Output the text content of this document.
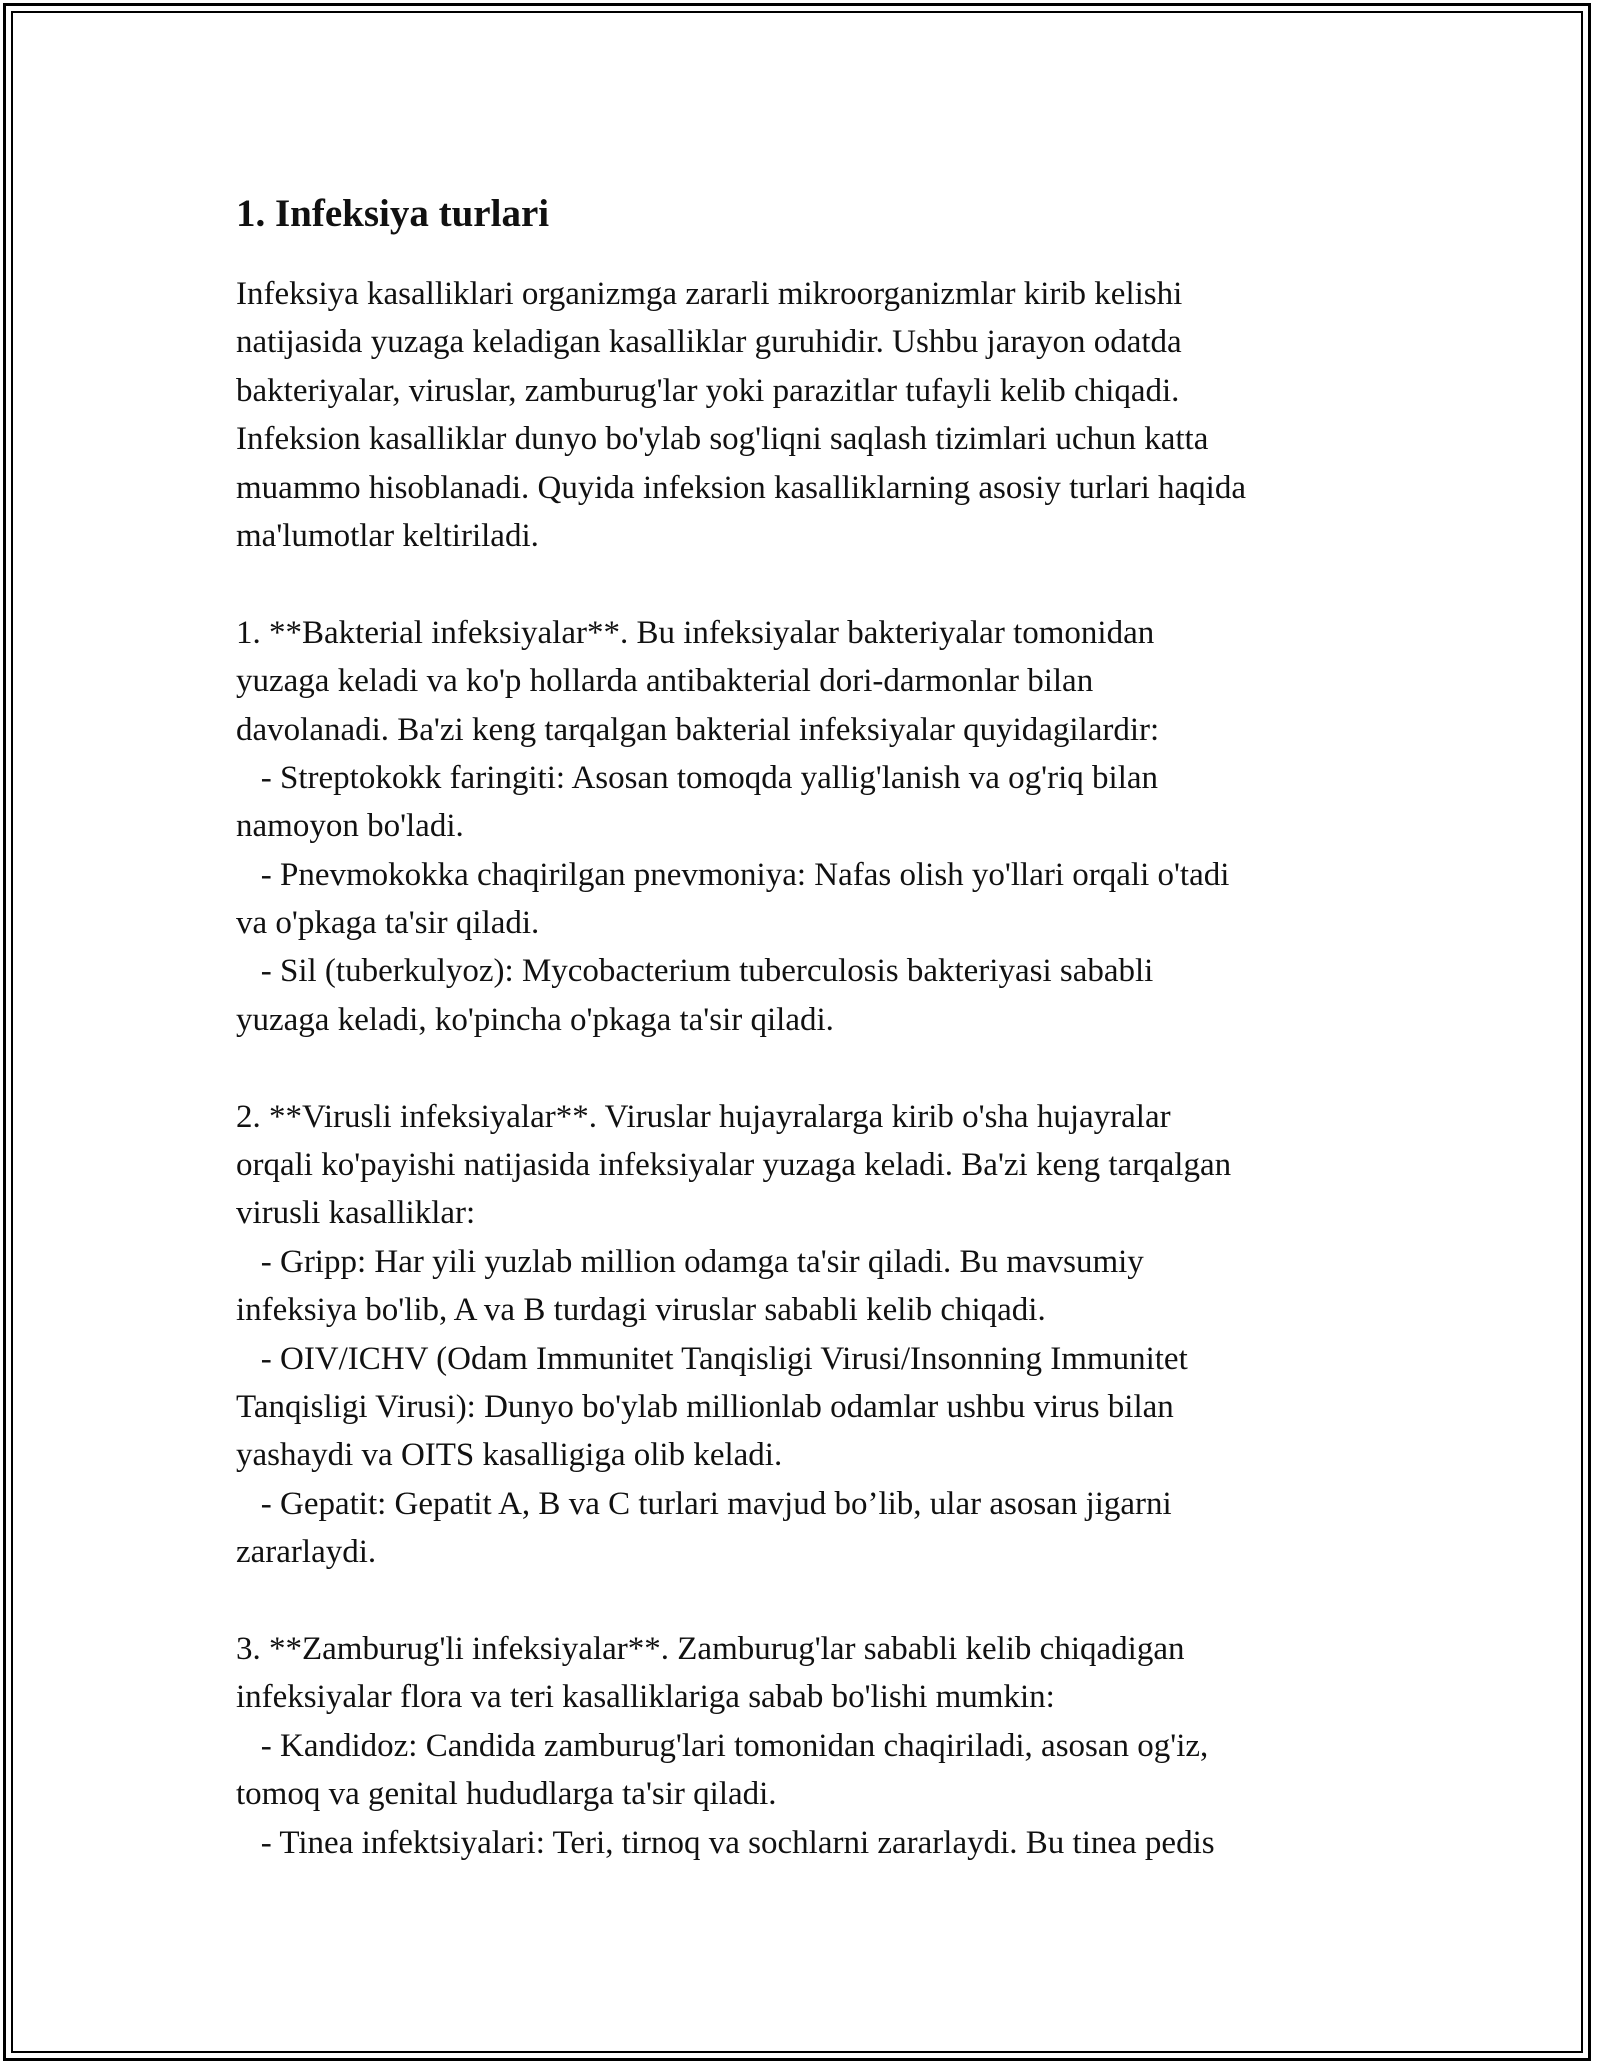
1. Infeksiya turlari
Infeksiya kasalliklari organizmga zararli mikroorganizmlar kirib kelishi
natijasida yuzaga keladigan kasalliklar guruhidir. Ushbu jarayon odatda
bakteriyalar, viruslar, zamburug'lar yoki parazitlar tufayli kelib chiqadi.
Infeksion kasalliklar dunyo bo'ylab sog'liqni saqlash tizimlari uchun katta
muammo hisoblanadi. Quyida infeksion kasalliklarning asosiy turlari haqida
ma'lumotlar keltiriladi.
1. **Bakterial infeksiyalar**. Bu infeksiyalar bakteriyalar tomonidan
yuzaga keladi va ko'p hollarda antibakterial dori-darmonlar bilan
davolanadi. Ba'zi keng tarqalgan bakterial infeksiyalar quyidagilardir:
- Streptokokk faringiti: Asosan tomoqda yallig'lanish va og'riq bilan
namoyon bo'ladi.
- Pnevmokokka chaqirilgan pnevmoniya: Nafas olish yo'llari orqali o'tadi
va o'pkaga ta'sir qiladi.
- Sil (tuberkulyoz): Mycobacterium tuberculosis bakteriyasi sababli
yuzaga keladi, ko'pincha o'pkaga ta'sir qiladi.
2. **Virusli infeksiyalar**. Viruslar hujayralarga kirib o'sha hujayralar
orqali ko'payishi natijasida infeksiyalar yuzaga keladi. Ba'zi keng tarqalgan
virusli kasalliklar:
- Gripp: Har yili yuzlab million odamga ta'sir qiladi. Bu mavsumiy
infeksiya bo'lib, A va B turdagi viruslar sababli kelib chiqadi.
- OIV/ICHV (Odam Immunitet Tanqisligi Virusi/Insonning Immunitet
Tanqisligi Virusi): Dunyo bo'ylab millionlab odamlar ushbu virus bilan
yashaydi va OITS kasalligiga olib keladi.
- Gepatit: Gepatit A, B va C turlari mavjud bo’lib, ular asosan jigarni
zararlaydi.
3. **Zamburug'li infeksiyalar**. Zamburug'lar sababli kelib chiqadigan
infeksiyalar flora va teri kasalliklariga sabab bo'lishi mumkin:
- Kandidoz: Candida zamburug'lari tomonidan chaqiriladi, asosan og'iz,
tomoq va genital hududlarga ta'sir qiladi.
- Tinea infektsiyalari: Teri, tirnoq va sochlarni zararlaydi. Bu tinea pedis
